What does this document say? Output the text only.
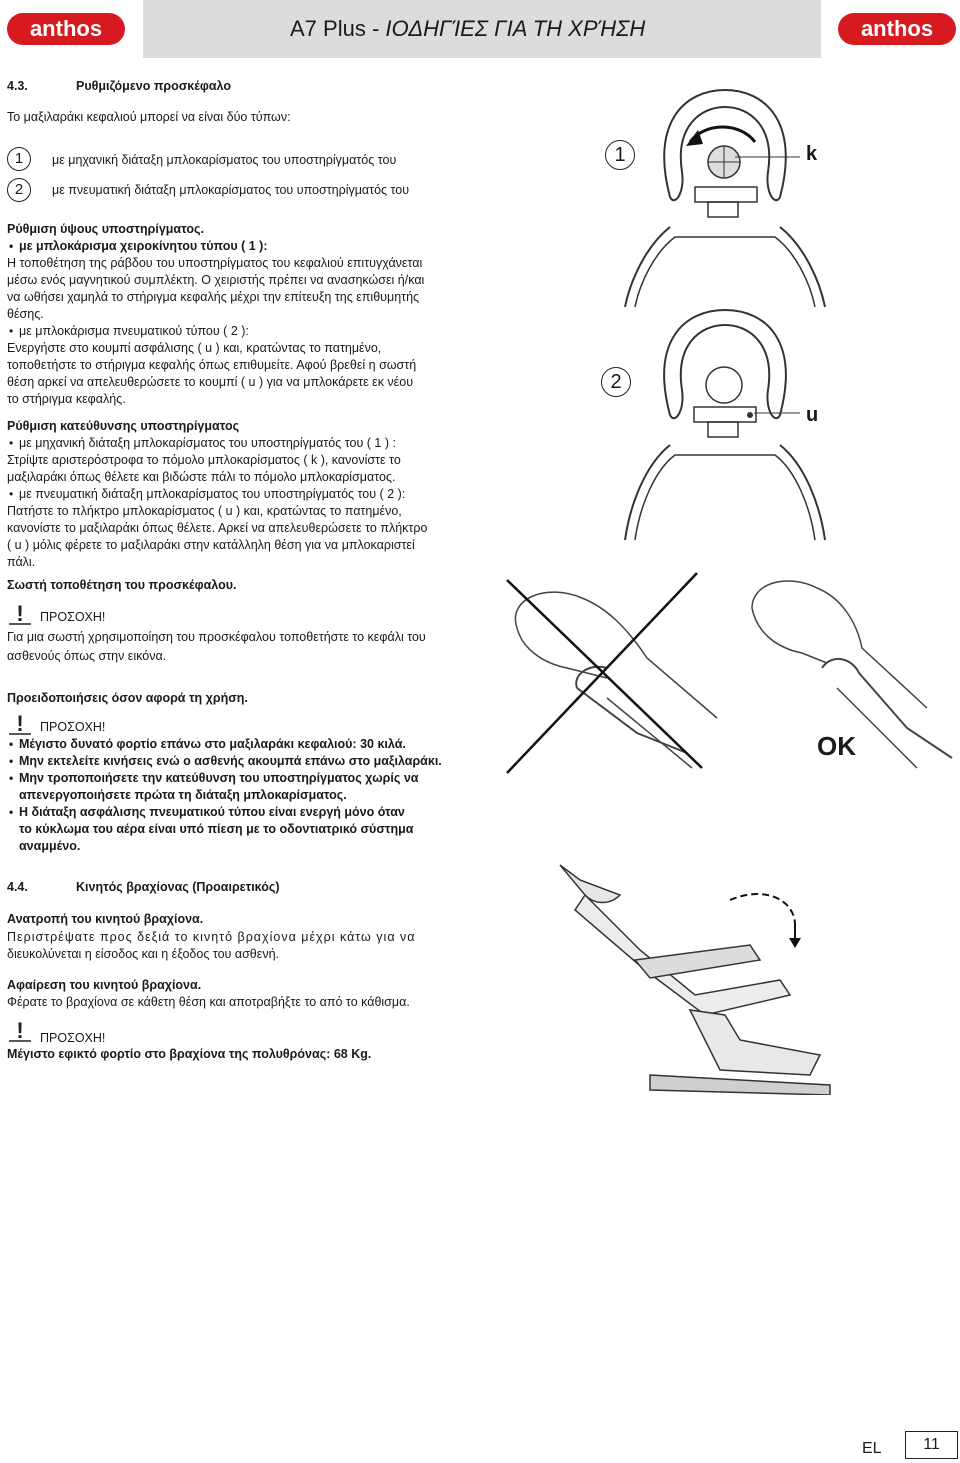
anthos	anthos
A7 Plus - ΙΟΔΗΓΊΕΣ ΓΙΑ ΤΗ ΧΡΉΣΗ
4.3.	Ρυθμιζόμενο προσκέφαλο
Το μαξιλαράκι κεφαλιού μπορεί να είναι δύο τύπων:
1	με μηχανική διάταξη μπλοκαρίσματος του υποστηρίγματός του
2	με πνευματική διάταξη μπλοκαρίσματος του υποστηρίγματός του

Ρύθμιση ύψους υποστηρίγματος.

• με μπλοκάρισμα χειροκίνητου τύπου ( 1 ):

Η τοποθέτηση της ράβδου του υποστηρίγματος του κεφαλιού επιτυγχάνεται

μέσω ενός μαγνητικού συμπλέκτη. Ο χειριστής πρέπει να ανασηκώσει ή/και

να ωθήσει χαμηλά το στήριγμα κεφαλής μέχρι την επίτευξη της επιθυμητής

θέσης.

• με μπλοκάρισμα πνευματικού τύπου ( 2 ):

Ενεργήστε στο κουμπί ασφάλισης ( u ) και, κρατώντας το πατημένο,

τοποθετήστε το στήριγμα κεφαλής όπως επιθυμείτε. Αφού βρεθεί η σωστή

θέση αρκεί να απελευθερώσετε το κουμπί ( u ) για να μπλοκάρετε εκ νέου

το στήριγμα κεφαλής.

Ρύθμιση κατεύθυνσης υποστηρίγματος

• με μηχανική διάταξη μπλοκαρίσματος του υποστηρίγματός του ( 1 ) :

Στρίψτε αριστερόστροφα το πόμολο μπλοκαρίσματος ( k ), κανονίστε το

μαξιλαράκι όπως θέλετε και βιδώστε πάλι το πόμολο μπλοκαρίσματος.

• με πνευματική διάταξη μπλοκαρίσματος του υποστηρίγματός του ( 2 ):

Πατήστε το πλήκτρο μπλοκαρίσματος ( u ) και, κρατώντας το πατημένο,

κανονίστε το μαξιλαράκι όπως θέλετε. Αρκεί να απελευθερώσετε το πλήκτρο

( u ) μόλις φέρετε το μαξιλαράκι στην κατάλληλη θέση για να μπλοκαριστεί

πάλι.

Σωστή τοποθέτηση του προσκέφαλου.
! ΠΡΟΣΟΧΗ!
Για μια σωστή χρησιμοποίηση του προσκέφαλου τοποθετήστε το κεφάλι του
ασθενούς όπως στην εικόνα.
Προειδοποιήσεις όσον αφορά τη χρήση.
! ΠΡΟΣΟΧΗ!

• Μέγιστο δυνατό φορτίο επάνω στο μαξιλαράκι κεφαλιού: 30 κιλά.

• Μην εκτελείτε κινήσεις ενώ ο ασθενής ακουμπά επάνω στο μαξιλαράκι.

• Μην τροποποιήσετε την κατεύθυνση του υποστηρίγματος χωρίς να

απενεργοποιήσετε πρώτα τη διάταξη μπλοκαρίσματος.

• Η διάταξη ασφάλισης πνευματικού τύπου είναι ενεργή μόνο όταν

το κύκλωμα του αέρα είναι υπό πίεση με το οδοντιατρικό σύστημα

αναμμένο.

4.4.	Κινητός βραχίονας (Προαιρετικός)
Ανατροπή του κινητού βραχίονα.
Περιστρέψατε προς δεξιά το κινητό βραχίονα μέχρι κάτω για να
διευκολύνεται η είσοδος και η έξοδος του ασθενή.
Αφαίρεση του κινητού βραχίονα.
Φέρατε το βραχίονα σε κάθετη θέση και αποτραβήξτε το από το κάθισμα.
! ΠΡΟΣΟΧΗ!
Μέγιστο εφικτό φορτίο στο βραχίονα της πολυθρόνας: 68 Kg.
1	k
2
u
OK
EL	11
